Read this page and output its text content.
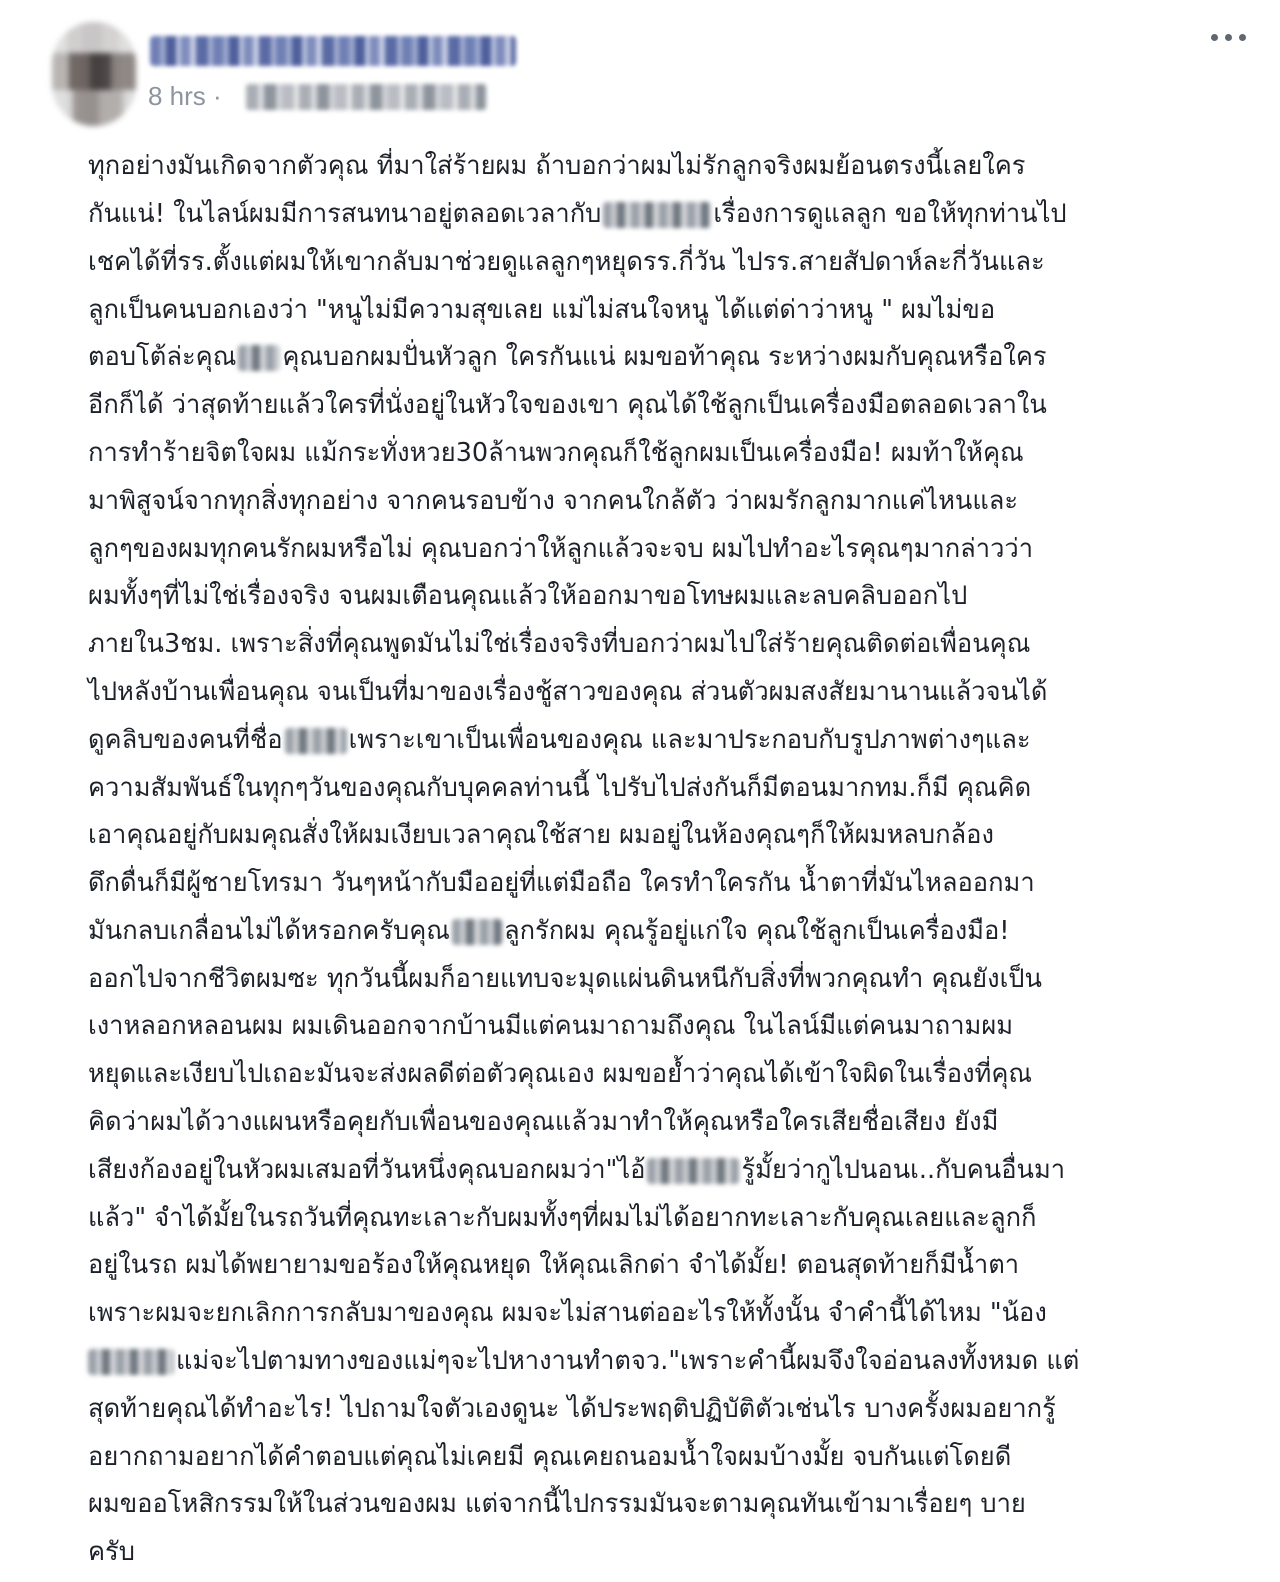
8 hrs ·
ทุกอย่างมันเกิดจากตัวคุณ ที่มาใส่ร้ายผม ถ้าบอกว่าผมไม่รักลูกจริงผมย้อนตรงนี้เลยใคร
กันแน่! ในไลน์ผมมีการสนทนาอยู่ตลอดเวลากับ	เรื่องการดูแลลูก ขอให้ทุกท่านไป
เชคได้ที่รร.ตั้งแต่ผมให้เขากลับมาช่วยดูแลลูกๆหยุดรร.กี่วัน ไปรร.สายสัปดาห์ละกี่วันและ
ลูกเป็นคนบอกเองว่า "หนูไม่มีความสุขเลย แม่ไม่สนใจหนู ได้แต่ด่าว่าหนู " ผมไม่ขอ
ตอบโต้ล่ะคุณ คุณบอกผมปั่นหัวลูก ใครกันแน่ ผมขอท้าคุณ ระหว่างผมกับคุณหรือใคร
อีกก็ได้ ว่าสุดท้ายแล้วใครที่นั่งอยู่ในหัวใจของเขา คุณได้ใช้ลูกเป็นเครื่องมือตลอดเวลาใน
การทำร้ายจิตใจผม แม้กระทั่งหวย30ล้านพวกคุณก็ใช้ลูกผมเป็นเครื่องมือ! ผมท้าให้คุณ
มาพิสูจน์จากทุกสิ่งทุกอย่าง จากคนรอบข้าง จากคนใกล้ตัว ว่าผมรักลูกมากแค่ไหนและ
ลูกๆของผมทุกคนรักผมหรือไม่ คุณบอกว่าให้ลูกแล้วจะจบ ผมไปทำอะไรคุณๆมากล่าวว่า
ผมทั้งๆที่ไม่ใช่เรื่องจริง จนผมเตือนคุณแล้วให้ออกมาขอโทษผมและลบคลิบออกไป
ภายใน3ชม. เพราะสิ่งที่คุณพูดมันไม่ใช่เรื่องจริงที่บอกว่าผมไปใส่ร้ายคุณติดต่อเพื่อนคุณ
ไปหลังบ้านเพื่อนคุณ จนเป็นที่มาของเรื่องชู้สาวของคุณ ส่วนตัวผมสงสัยมานานแล้วจนได้
ดูคลิบของคนที่ชื่อ	เพราะเขาเป็นเพื่อนของคุณ และมาประกอบกับรูปภาพต่างๆและ
ความสัมพันธ์ในทุกๆวันของคุณกับบุคคลท่านนี้ ไปรับไปส่งกันก็มีตอนมากทม.ก็มี คุณคิด
เอาคุณอยู่กับผมคุณสั่งให้ผมเงียบเวลาคุณใช้สาย ผมอยู่ในห้องคุณๆก็ให้ผมหลบกล้อง
ดึกดื่นก็มีผู้ชายโทรมา วันๆหน้ากับมืออยู่ที่แต่มือถือ ใครทำใครกัน น้ำตาที่มันไหลออกมา
มันกลบเกลื่อนไม่ได้หรอกครับคุณ ลูกรักผม คุณรู้อยู่แก่ใจ คุณใช้ลูกเป็นเครื่องมือ!
ออกไปจากชีวิตผมซะ ทุกวันนี้ผมก็อายแทบจะมุดแผ่นดินหนีกับสิ่งที่พวกคุณทำ คุณยังเป็น
เงาหลอกหลอนผม ผมเดินออกจากบ้านมีแต่คนมาถามถึงคุณ ในไลน์มีแต่คนมาถามผม
หยุดและเงียบไปเถอะมันจะส่งผลดีต่อตัวคุณเอง ผมขอย้ำว่าคุณได้เข้าใจผิดในเรื่องที่คุณ
คิดว่าผมได้วางแผนหรือคุยกับเพื่อนของคุณแล้วมาทำให้คุณหรือใครเสียชื่อเสียง ยังมี
เสียงก้องอยู่ในหัวผมเสมอที่วันหนึ่งคุณบอกผมว่า"ไอ้	รู้มั้ยว่ากูไปนอนเ..กับคนอื่นมา
แล้ว" จำได้มั้ยในรถวันที่คุณทะเลาะกับผมทั้งๆที่ผมไม่ได้อยากทะเลาะกับคุณเลยและลูกก็
อยู่ในรถ ผมได้พยายามขอร้องให้คุณหยุด ให้คุณเลิกด่า จำได้มั้ย! ตอนสุดท้ายก็มีน้ำตา
เพราะผมจะยกเลิกการกลับมาของคุณ ผมจะไม่สานต่ออะไรให้ทั้งนั้น จำคำนี้ได้ไหม "น้อง
แม่จะไปตามทางของแม่ๆจะไปหางานทำตจว."เพราะคำนี้ผมจึงใจอ่อนลงทั้งหมด แต่
สุดท้ายคุณได้ทำอะไร! ไปถามใจตัวเองดูนะ ได้ประพฤติปฏิบัติตัวเช่นไร บางครั้งผมอยากรู้
อยากถามอยากได้คำตอบแต่คุณไม่เคยมี คุณเคยถนอมน้ำใจผมบ้างมั้ย จบกันแต่โดยดี
ผมขออโหสิกรรมให้ในส่วนของผม แต่จากนี้ไปกรรมมันจะตามคุณทันเข้ามาเรื่อยๆ บาย
ครับ
